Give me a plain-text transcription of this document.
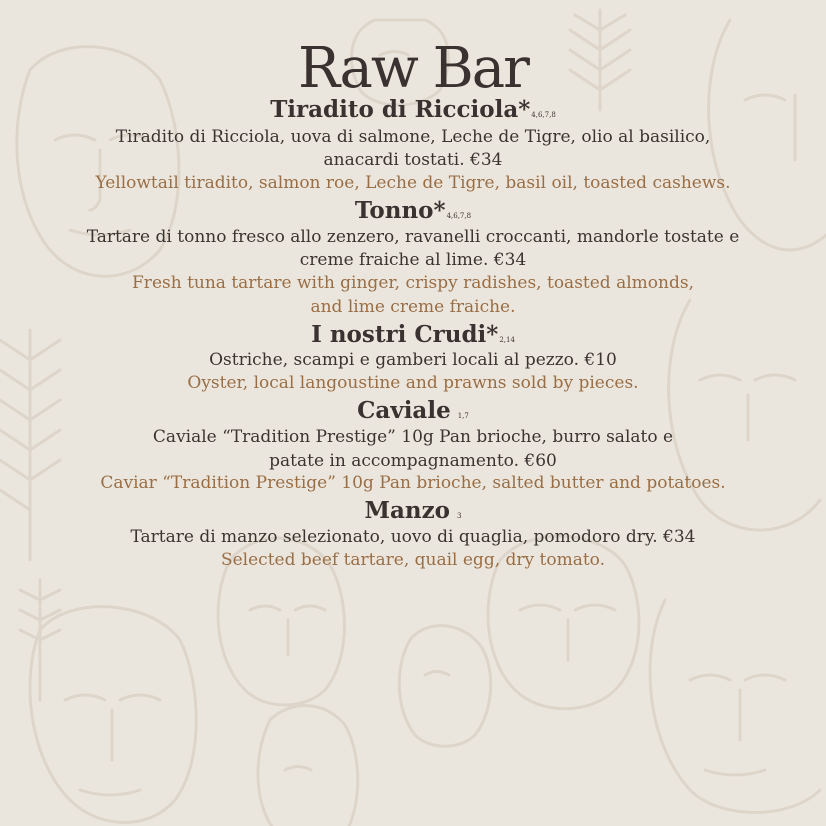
Raw Bar
Tiradito di Ricciola*4,6,7,8
Tiradito di Ricciola, uova di salmone, Leche de Tigre, olio al basilico,
anacardi tostati. €34
Yellowtail tiradito, salmon roe, Leche de Tigre, basil oil, toasted cashews.
Tonno*4,6,7,8
Tartare di tonno fresco allo zenzero, ravanelli croccanti, mandorle tostate e
creme fraiche al lime. €34
Fresh tuna tartare with ginger, crispy radishes, toasted almonds,
and lime creme fraiche.
I nostri Crudi*2,14
Ostriche, scampi e gamberi locali al pezzo. €10
Oyster, local langoustine and prawns sold by pieces.
Caviale 1,7
Caviale “Tradition Prestige” 10g Pan brioche, burro salato e
patate in accompagnamento. €60
Caviar “Tradition Prestige” 10g Pan brioche, salted butter and potatoes.
Manzo 3
Tartare di manzo selezionato, uovo di quaglia, pomodoro dry. €34
Selected beef tartare, quail egg, dry tomato.
